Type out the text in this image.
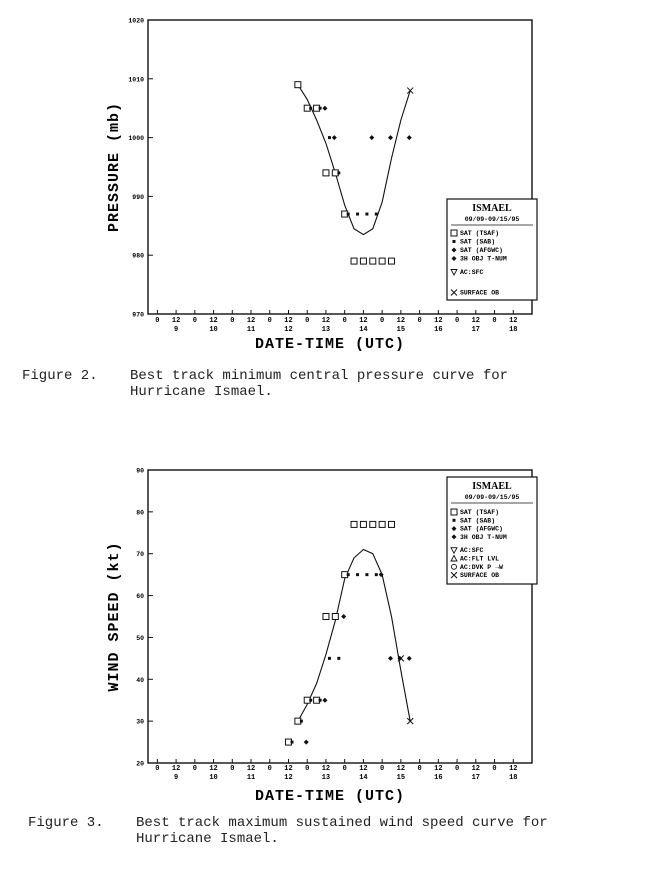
970
980
990
1000
1010
1020
0 12
9
0 12
10
0 12
11
0 12
12
0 12
13
0 12
14
0 12
15
0 12
16
0 12
17
0 12
18
DATE-TIME (UTC)
PRESSURE (mb)	ISMAEL
09/09-09/15/95
SAT (TSAF)
SAT (SAB)
SAT (AFGWC)
3H OBJ T-NUM
AC:SFC
SURFACE OB
Figure 2. Best track minimum central pressure curve for
Hurricane Ismael.
20
30
40
50
60
70
80
90
0 12
9
0 12
10
0 12
11
0 12
12
0 12
13
0 12
14
0 12
15
0 12
16
0 12
17
0 12
18
DATE-TIME (UTC)
WIND SPEED (kt)
ISMAEL
09/09-09/15/95
SAT (TSAF)
SAT (SAB)
SAT (AFGWC)
3H OBJ T-NUM
AC:SFC
AC:FLT LVL
AC:DVK P →W
SURFACE OB
Figure 3. Best track maximum sustained wind speed curve for
Hurricane Ismael.
